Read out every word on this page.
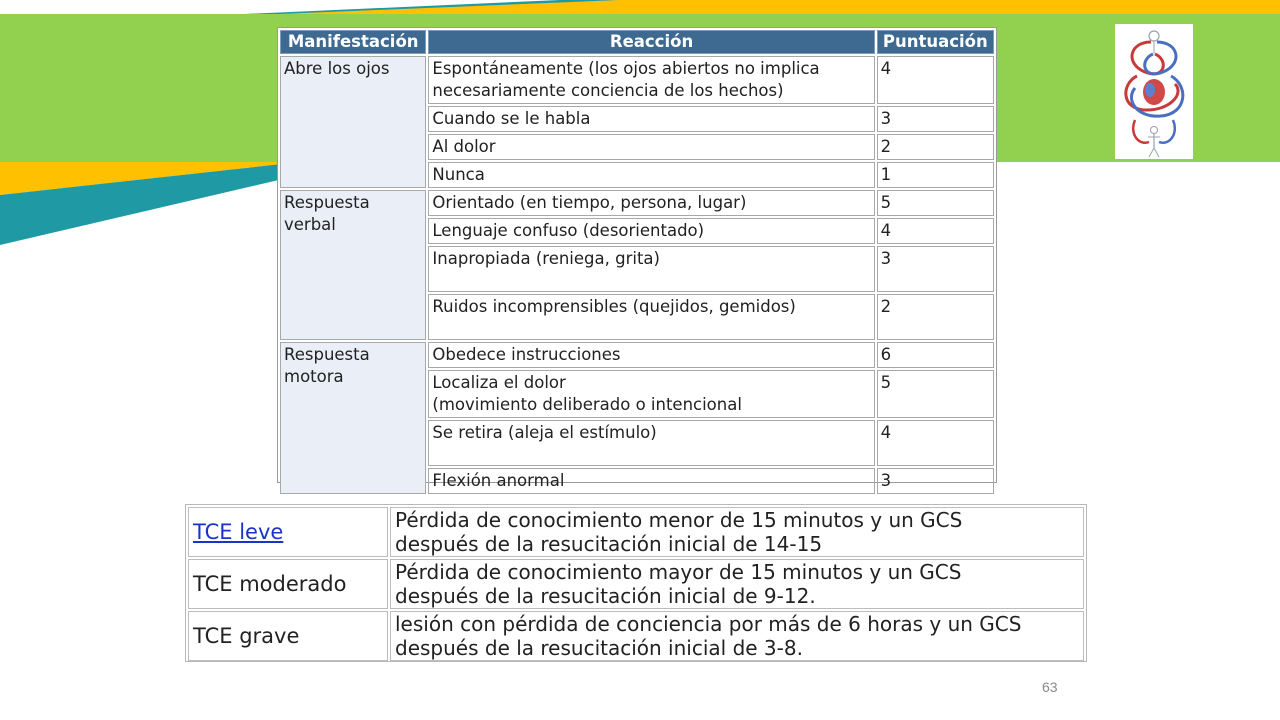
Manifestación	Reacción	Puntuación
Abre los ojos	Espontáneamente (los ojos abiertos no implica
necesariamente conciencia de los hechos)	4
	Cuando se le habla	3
	Al dolor	2
	Nunca	1
Respuesta
verbal	Orientado (en tiempo, persona, lugar)	5
	Lenguaje confuso (desorientado)	4
	Inapropiada (reniega, grita)	3
	Ruidos incomprensibles (quejidos, gemidos)	2
Respuesta
motora	Obedece instrucciones	6
	Localiza el dolor
(movimiento deliberado o intencional	5
	Se retira (aleja el estímulo)	4
	Flexión anormal	3
TCE leve	Pérdida de conocimiento menor de 15 minutos y un GCS
después de la resucitación inicial de 14-15
TCE moderado	Pérdida de conocimiento mayor de 15 minutos y un GCS
después de la resucitación inicial de 9-12.
TCE grave	lesión con pérdida de conciencia por más de 6 horas y un GCS
después de la resucitación inicial de 3-8.
63
